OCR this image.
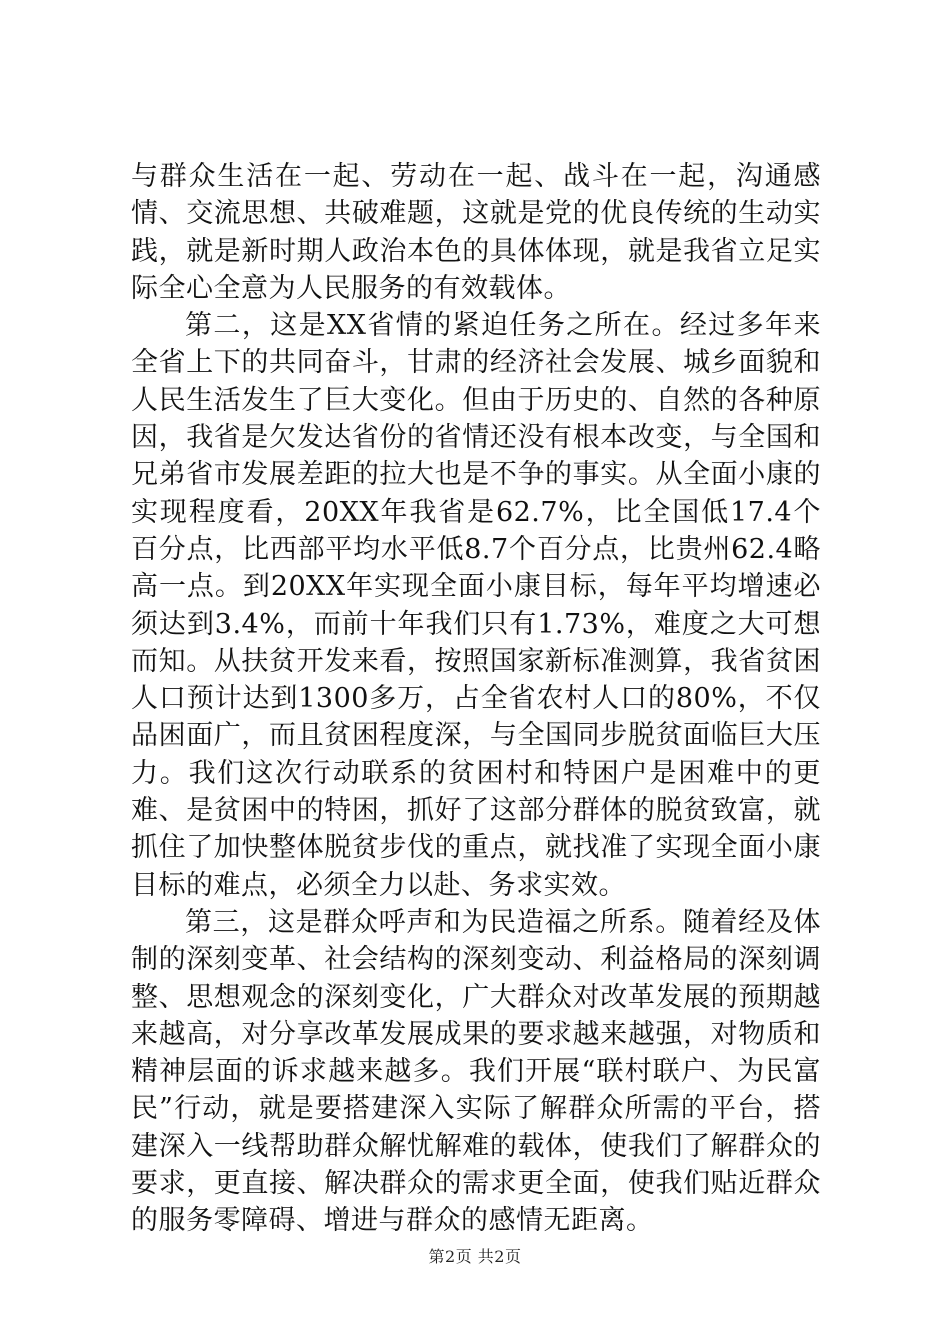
与群众生活在一起、劳动在一起、战斗在一起，沟通感情、交流思想、共破难题，这就是党的优良传统的生动实践，就是新时期人政治本色的具体体现，就是我省立足实际全心全意为人民服务的有效载体。

第二，这是XX省情的紧迫任务之所在。经过多年来全省上下的共同奋斗，甘肃的经济社会发展、城乡面貌和人民生活发生了巨大变化。但由于历史的、自然的各种原因，我省是欠发达省份的省情还没有根本改变，与全国和兄弟省市发展差距的拉大也是不争的事实。从全面小康的实现程度看，20XX年我省是62.7%，比全国低17.4个百分点，比西部平均水平低8.7个百分点，比贵州62.4略高一点。到20XX年实现全面小康目标，每年平均增速必须达到3.4%，而前十年我们只有1.73%，难度之大可想而知。从扶贫开发来看，按照国家新标准测算，我省贫困人口预计达到1300多万，占全省农村人口的80%，不仅品困面广，而且贫困程度深，与全国同步脱贫面临巨大压力。我们这次行动联系的贫困村和特困户是困难中的更难、是贫困中的特困，抓好了这部分群体的脱贫致富，就抓住了加快整体脱贫步伐的重点，就找准了实现全面小康目标的难点，必须全力以赴、务求实效。

第三，这是群众呼声和为民造福之所系。随着经及体制的深刻变革、社会结构的深刻变动、利益格局的深刻调整、思想观念的深刻变化，广大群众对改革发展的预期越来越高，对分享改革发展成果的要求越来越强，对物质和精神层面的诉求越来越多。我们开展“联村联户、为民富民”行动，就是要搭建深入实际了解群众所需的平台，搭建深入一线帮助群众解忧解难的载体，使我们了解群众的要求，更直接、解决群众的需求更全面，使我们贴近群众的服务零障碍、增进与群众的感情无距离。

第2页 共2页
